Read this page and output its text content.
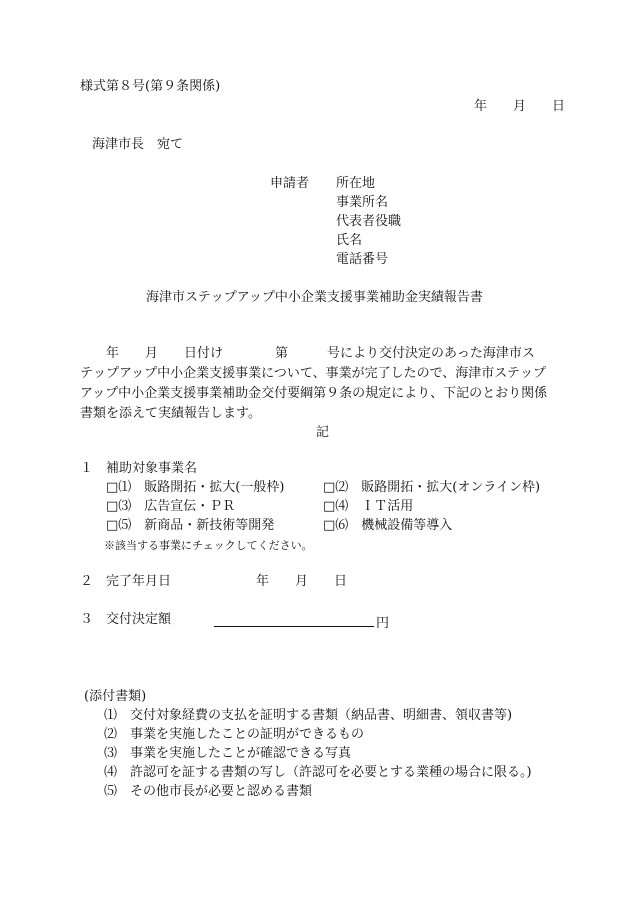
様式第８号(第９条関係)
年　　月　　日
海津市長　宛て
申請者 所在地
事業所名
代表者役職
氏名
電話番号
海津市ステップアップ中小企業支援事業補助金実績報告書
　　年　　月　　日付け　　　　第　　　号により交付決定のあった海津市ス
テップアップ中小企業支援事業について、事業が完了したので、海津市ステップ
アップ中小企業支援事業補助金交付要綱第９条の規定により、下記のとおり関係
書類を添えて実績報告します。
記
１ 補助対象事業名
□⑴　販路開拓・拡大(一般枠)	□⑵　販路開拓・拡大(オンライン枠)
□⑶　広告宣伝・ＰＲ	□⑷　ＩＴ活用
□⑸　新商品・新技術等開発	□⑹　機械設備等導入
※該当する事業にチェックしてください。
２ 完了年月日	年　　月　　日
３ 交付決定額	円
(添付書類)
⑴　交付対象経費の支払を証明する書類（納品書、明細書、領収書等)
⑵　事業を実施したことの証明ができるもの
⑶　事業を実施したことが確認できる写真
⑷　許認可を証する書類の写し（許認可を必要とする業種の場合に限る。)
⑸　その他市長が必要と認める書類
